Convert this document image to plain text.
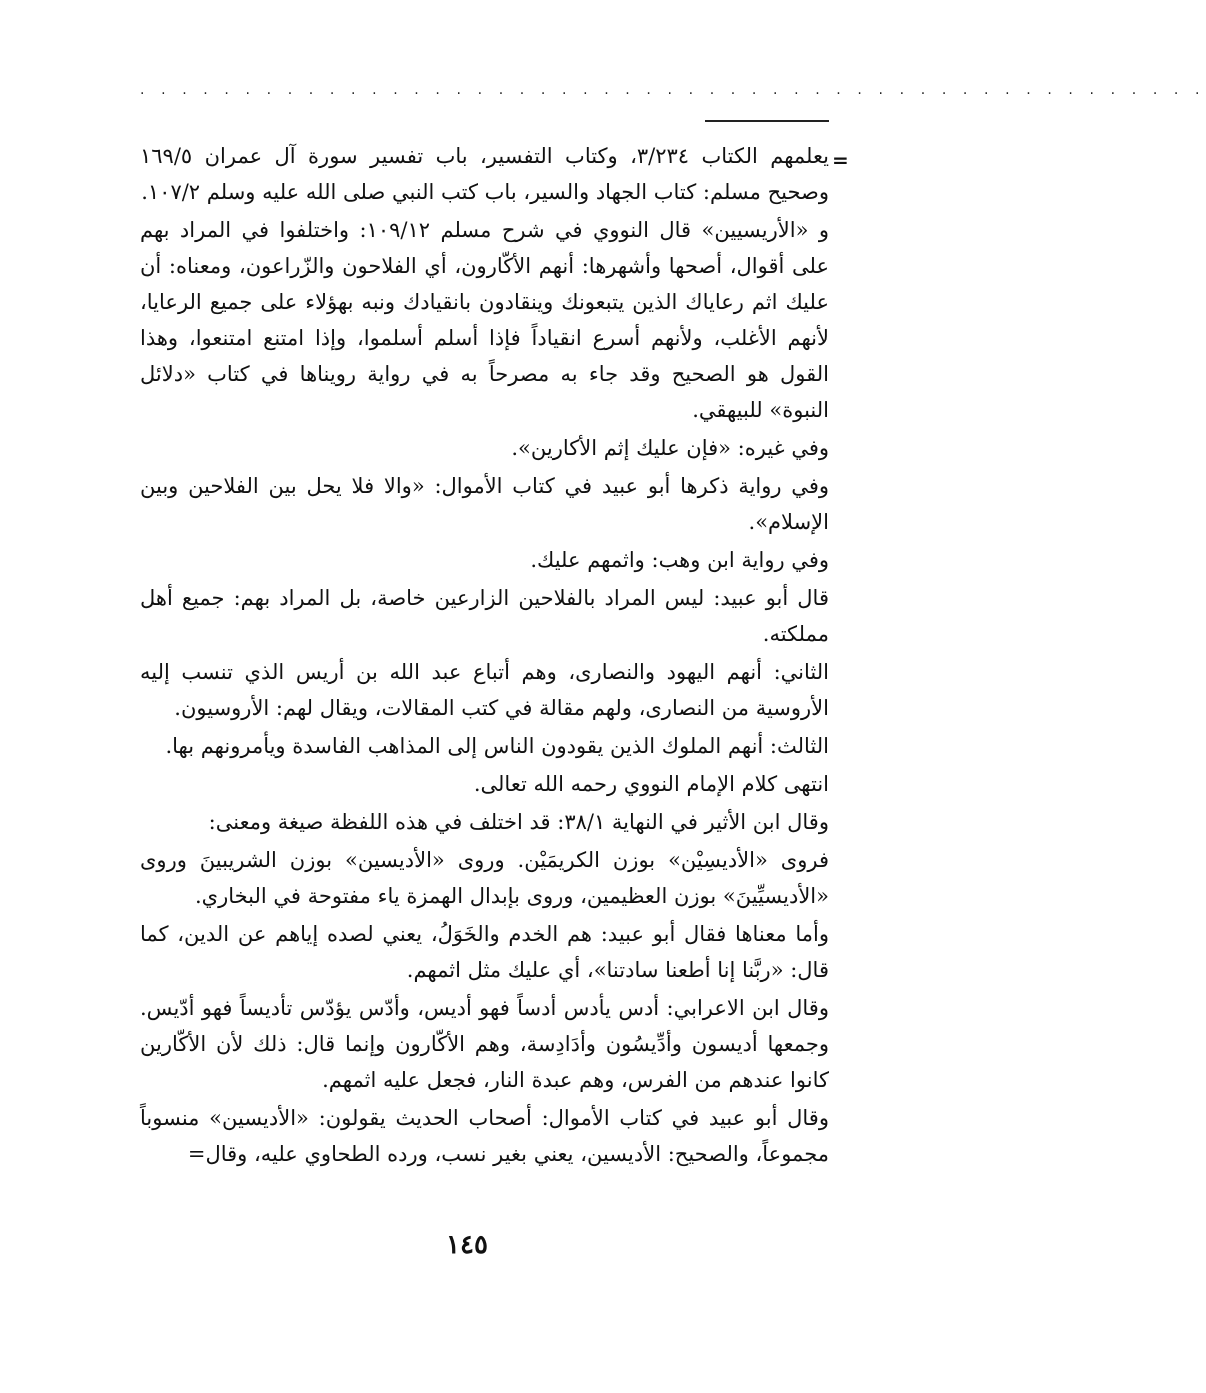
. . . . . . . . . . . . . . . . . . . . . . . . . . . . . . . . . . . . . . . . . . . . . . . . . . .
=

يعلمهم الكتاب ٣/٢٣٤، وكتاب التفسير، باب تفسير سورة آل عمران ١٦٩/٥ وصحيح مسلم: كتاب الجهاد والسير، باب كتب النبي صلى الله عليه وسلم ١٠٧/٢.

و «الأريسيين» قال النووي في شرح مسلم ١٠٩/١٢: واختلفوا في المراد بهم على أقوال، أصحها وأشهرها: أنهم الأكّارون، أي الفلاحون والزّراعون، ومعناه: أن عليك اثم رعاياك الذين يتبعونك وينقادون بانقيادك ونبه بهؤلاء على جميع الرعايا، لأنهم الأغلب، ولأنهم أسرع انقياداً فإذا أسلم أسلموا، وإذا امتنع امتنعوا، وهذا القول هو الصحيح وقد جاء به مصرحاً به في رواية رويناها في كتاب «دلائل النبوة» للبيهقي.

وفي غيره: «فإن عليك إثم الأكارين».

وفي رواية ذكرها أبو عبيد في كتاب الأموال: «والا فلا يحل بين الفلاحين وبين الإسلام».

وفي رواية ابن وهب: واثمهم عليك.

قال أبو عبيد: ليس المراد بالفلاحين الزارعين خاصة، بل المراد بهم: جميع أهل مملكته.

الثاني: أنهم اليهود والنصارى، وهم أتباع عبد الله بن أريس الذي تنسب إليه الأروسية من النصارى، ولهم مقالة في كتب المقالات، ويقال لهم: الأروسيون.

الثالث: أنهم الملوك الذين يقودون الناس إلى المذاهب الفاسدة ويأمرونهم بها.

انتهى كلام الإمام النووي رحمه الله تعالى.

وقال ابن الأثير في النهاية ٣٨/١: قد اختلف في هذه اللفظة صيغة ومعنى:

فروى «الأديسِيْن» بوزن الكريمَيْن. وروى «الأديسين» بوزن الشريبينَ وروى «الأديسيِّينَ» بوزن العظيمين، وروى بإبدال الهمزة ياء مفتوحة في البخاري.

وأما معناها فقال أبو عبيد: هم الخدم والخَوَلُ، يعني لصده إياهم عن الدين، كما قال: «ربَّنا إنا أطعنا سادتنا»، أي عليك مثل اثمهم.

وقال ابن الاعرابي: أدس يأدس أدساً فهو أديس، وأدّس يؤدّس تأديساً فهو أدّيس. وجمعها أديسون وأدِّيسُون وأدَادِسة، وهم الأكّارون وإنما قال: ذلك لأن الأكّارين كانوا عندهم من الفرس، وهم عبدة النار، فجعل عليه اثمهم.

وقال أبو عبيد في كتاب الأموال: أصحاب الحديث يقولون: «الأديسين» منسوباً مجموعاً، والصحيح: الأديسين، يعني بغير نسب، ورده الطحاوي عليه، وقال=

١٤٥
